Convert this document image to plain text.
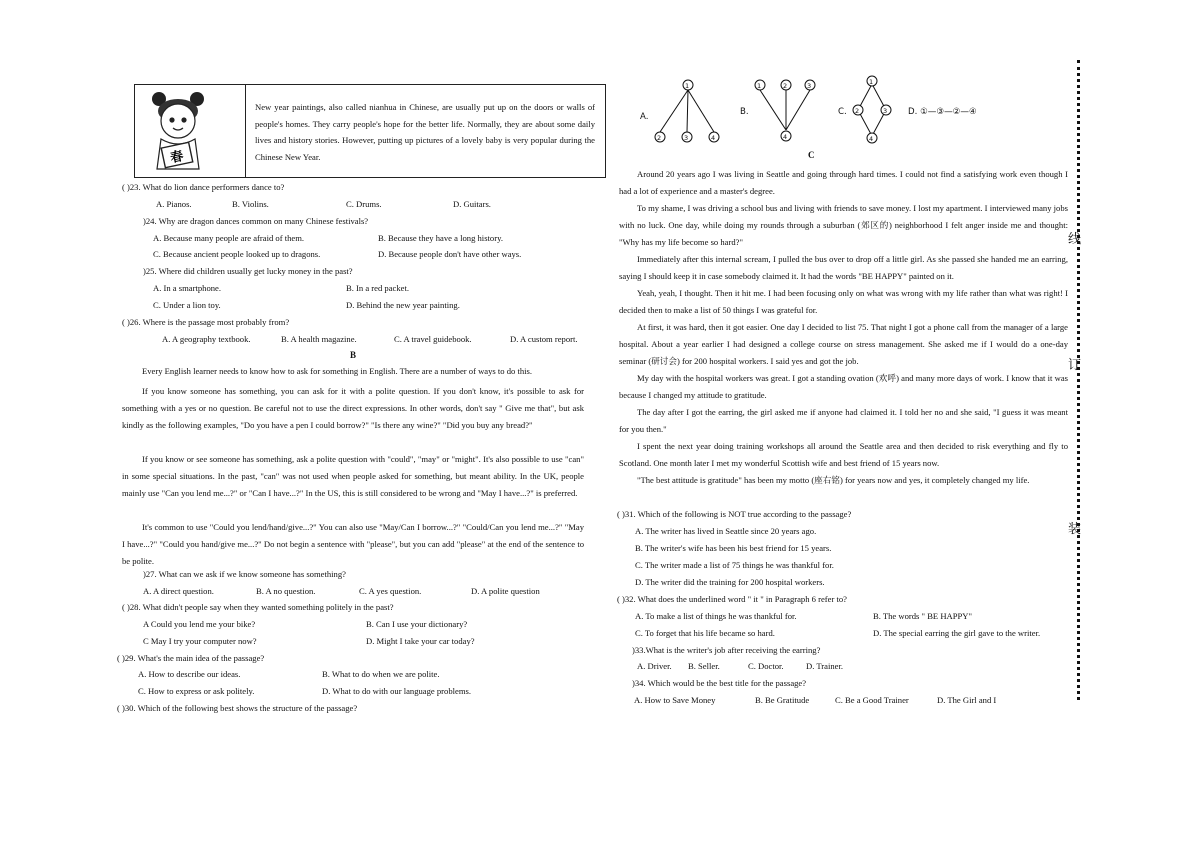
春
New year paintings, also called nianhua in Chinese, are usually put up on the doors or walls of people's homes. They carry people's hope for the better life. Normally, they are about some daily lives and history stories. However, putting up pictures of a lovely baby is very popular during the Chinese New Year.
( )23. What do lion dance performers dance to?
A. Pianos.	B. Violins.	C. Drums.	D. Guitars.
)24. Why are dragon dances common on many Chinese festivals?
A. Because many people are afraid of them.	B. Because they have a long history.
C. Because ancient people looked up to dragons.	D. Because people don't have other ways.
)25. Where did children usually get lucky money in the past?
A. In a smartphone.	B. In a red packet.
C. Under a lion toy.	D. Behind the new year painting.
( )26. Where is the passage most probably from?
A. A geography textbook.	B. A health magazine.	C. A travel guidebook.	D. A custom report.
B
Every English learner needs to know how to ask for something in English. There are a number of ways to do this.
If you know someone has something, you can ask for it with a polite question. If you don't know, it's possible to ask for something with a yes or no question. Be careful not to use the direct expressions. In other words, don't say " Give me that", but ask kindly as the following examples, "Do you have a pen I could borrow?" "Is there any wine?" "Did you buy any bread?"
If you know or see someone has something, ask a polite question with "could", "may" or "might". It's also possible to use "can" in some special situations. In the past, "can" was not used when people asked for something, but meant ability. In the UK, people mainly use "Can you lend me...?" or "Can I have...?" In the US, this is still considered to be wrong and "May I have...?" is preferred.
It's common to use "Could you lend/hand/give...?" You can also use "May/Can I borrow...?" "Could/Can you lend me...?" "May I have...?" "Could you hand/give me...?" Do not begin a sentence with "please", but you can add "please" at the end of the sentence to be polite.
)27. What can we ask if we know someone has something?
A. A direct question.	B. A no question.	C. A yes question.	D. A polite question
( )28. What didn't people say when they wanted something politely in the past?
A Could you lend me your bike?	B. Can I use your dictionary?
C May I try your computer now?	D. Might I take your car today?
( )29. What's the main idea of the passage?
A. How to describe our ideas.	B. What to do when we are polite.
C. How to express or ask politely.	D. What to do with our language problems.
( )30. Which of the following best shows the structure of the passage?
A.
1
2	3	4
B.
1	2	3
4
C.
1
2	3
4
D. ①—③—②—④
C
Around 20 years ago I was living in Seattle and going through hard times. I could not find a satisfying work even though I had a lot of experience and a master's degree.
To my shame, I was driving a school bus and living with friends to save money. I lost my apartment. I interviewed many jobs with no luck. One day, while doing my rounds through a suburban (郊区的) neighborhood I felt anger inside me and thought: "Why has my life become so hard?"
Immediately after this internal scream, I pulled the bus over to drop off a little girl. As she passed she handed me an earring, saying I should keep it in case somebody claimed it. It had the words "BE HAPPY" painted on it.
Yeah, yeah, I thought. Then it hit me. I had been focusing only on what was wrong with my life rather than what was right! I decided then to make a list of 50 things I was grateful for.
At first, it was hard, then it got easier. One day I decided to list 75. That night I got a phone call from the manager of a large hospital. About a year earlier I had designed a college course on stress management. She asked me if I would do a one-day seminar (研讨会) for 200 hospital workers. I said yes and got the job.
My day with the hospital workers was great. I got a standing ovation (欢呼) and many more days of work. I know that it was because I changed my attitude to gratitude.
The day after I got the earring, the girl asked me if anyone had claimed it. I told her no and she said, "I guess it was meant for you then."
I spent the next year doing training workshops all around the Seattle area and then decided to risk everything and fly to Scotland. One month later I met my wonderful Scottish wife and best friend of 15 years now.
"The best attitude is gratitude" has been my motto (座右铭) for years now and yes, it completely changed my life.
( )31. Which of the following is NOT true according to the passage?
A. The writer has lived in Seattle since 20 years ago.
B. The writer's wife has been his best friend for 15 years.
C. The writer made a list of 75 things he was thankful for.
D. The writer did the training for 200 hospital workers.
( )32. What does the underlined word " it " in Paragraph 6 refer to?
A. To make a list of things he was thankful for.	B. The words " BE HAPPY"
C. To forget that his life became so hard.	D. The special earring the girl gave to the writer.
)33.What is the writer's job after receiving the earring?
A. Driver. B. Seller.	C. Doctor.	D. Trainer.
)34. Which would be the best title for the passage?
A. How to Save Money	B. Be Gratitude	C. Be a Good Trainer	D. The Girl and I
线
订
装
